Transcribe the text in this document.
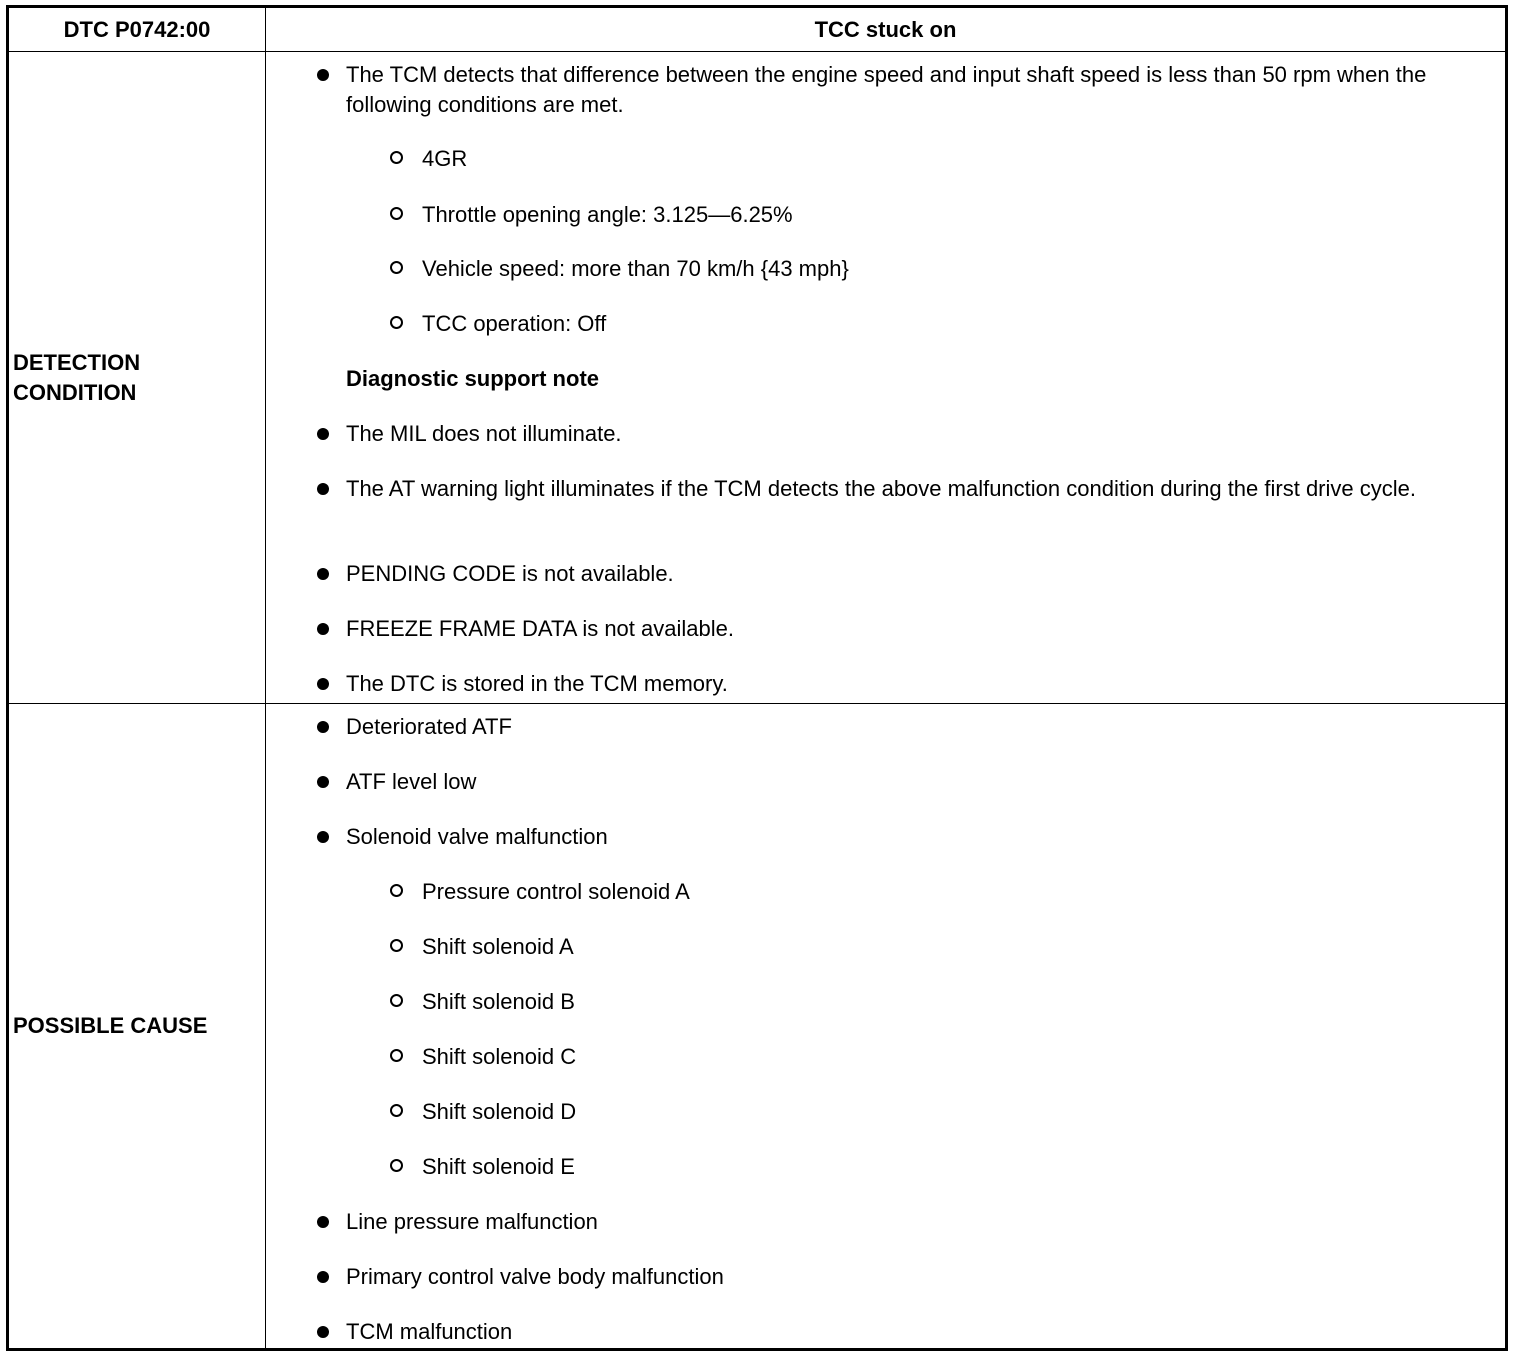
DTC P0742:00	TCC stuck on
DETECTION CONDITION
The TCM detects that difference between the engine speed and input shaft speed is less than 50 rpm when the following conditions are met.
4GR
Throttle opening angle: 3.125—6.25%
Vehicle speed: more than 70 km/h {43 mph}
TCC operation: Off
Diagnostic support note
The MIL does not illuminate.
The AT warning light illuminates if the TCM detects the above malfunction condition during the first drive cycle.
PENDING CODE is not available.
FREEZE FRAME DATA is not available.
The DTC is stored in the TCM memory.
POSSIBLE CAUSE
Deteriorated ATF
ATF level low
Solenoid valve malfunction
Pressure control solenoid A
Shift solenoid A
Shift solenoid B
Shift solenoid C
Shift solenoid D
Shift solenoid E
Line pressure malfunction
Primary control valve body malfunction
TCM malfunction
